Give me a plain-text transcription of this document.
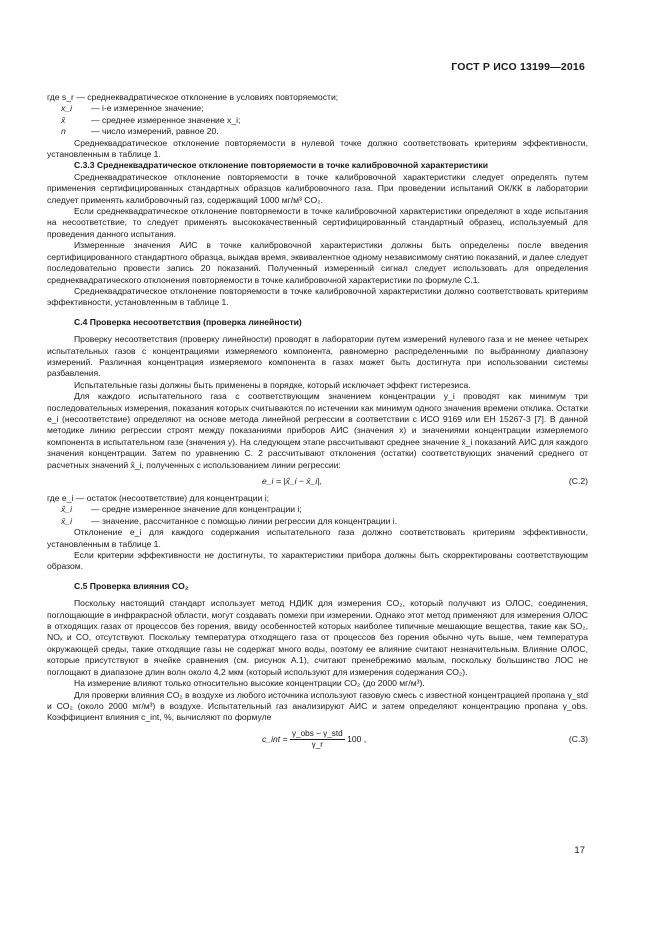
ГОСТ Р ИСО 13199—2016

где s_r — среднеквадратическое отклонение в условиях повторяемости;

x_i	— i-е измеренное значение;
x̄	— среднее измеренное значение x_i;
n	— число измерений, равное 20.

Среднеквадратическое отклонение повторяемости в нулевой точке должно соответствовать критериям эффективности, установленным в таблице 1.

С.3.3 Среднеквадратическое отклонение повторяемости в точке калибровочной характеристики

Среднеквадратическое отклонение повторяемости в точке калибровочной характеристики следует определять путем применения сертифицированных стандартных образцов калибровочного газа. При проведении испытаний ОК/КК в лаборатории следует применять калибровочный газ, содержащий 1000 мг/м³ CO₂.

Если среднеквадратическое отклонение повторяемости в точке калибровочной характеристики определяют в ходе испытания на несоответствие, то следует применять высококачественный сертифицированный стандартный образец, используемый для проведения данного испытания.

Измеренные значения АИС в точке калибровочной характеристики должны быть определены после введения сертифицированного стандартного образца, выждав время, эквивалентное одному независимому снятию показаний, и далее следует последовательно провести запись 20 показаний. Полученный измеренный сигнал следует использовать для определения среднеквадратического отклонения повторяемости в точке калибровочной характеристики по формуле С.1.

Среднеквадратическое отклонение повторяемости в точке калибровочной характеристики должно соответствовать критериям эффективности, установленным в таблице 1.

С.4 Проверка несоответствия (проверка линейности)

Проверку несоответствия (проверку линейности) проводят в лаборатории путем измерений нулевого газа и не менее четырех испытательных газов с концентрациями измеряемого компонента, равномерно распределенными по выбранному диапазону измерений. Различная концентрация измеряемого компонента в газах может быть достигнута при использовании системы разбавления.

Испытательные газы должны быть применены в порядке, который исключает эффект гистерезиса.

Для каждого испытательного газа с соответствующим значением концентрации y_i проводят как минимум три последовательных измерения, показания которых считываются по истечении как минимум одного значения времени отклика. Остатки e_i (несоответствие) определяют на основе метода линейной регрессии в соответствии с ИСО 9169 или ЕН 15267-3 [7]. В данной методике линию регрессии строят между показаниями приборов АИС (значения x) и значениями концентрации измеряемого компонента в испытательном газе (значения y). На следующем этапе рассчитывают среднее значение x̄_i показаний АИС для каждого значения концентрации. Затем по уравнению С. 2 рассчитывают отклонения (остатки) соответствующих значений среднего от расчетных значений x̂_i, полученных с использованием линии регрессии:

e_i = |x̂_i − x̄_i|,	(С.2)

где e_i — остаток (несоответствие) для концентрации i;

x̂_i	— средне измеренное значение для концентрации i;
x̄_i	— значение, рассчитанное с помощью линии регрессии для концентрации i.

Отклонение e_i для каждого содержания испытательного газа должно соответствовать критериям эффективности, установленным в таблице 1.

Если критерии эффективности не достигнуты, то характеристики прибора должны быть скорректированы соответствующим образом.

С.5 Проверка влияния CO₂

Поскольку настоящий стандарт использует метод НДИК для измерения CO₂, который получают из ОЛОС, соединения, поглощающие в инфракрасной области, могут создавать помехи при измерении. Однако этот метод применяют для измерения ОЛОС в отходящих газах от процессов без горения, ввиду особенностей которых наиболее типичные мешающие вещества, такие как SO₂, NOₓ и CO, отсутствуют. Поскольку температура отходящего газа от процессов без горения обычно чуть выше, чем температура окружающей среды, такие отходящие газы не содержат много воды, поэтому ее влияние считают незначительным. Влияние ОЛОС, которые присутствуют в ячейке сравнения (см. рисунок А.1), считают пренебрежимо малым, поскольку большинство ЛОС не поглощают в диапазоне длин волн около 4,2 мкм (который используют для измерения содержания CO₂).

На измерение влияют только относительно высокие концентрации CO₂ (до 2000 мг/м³).

Для проверки влияния CO₂ в воздухе из любого источника используют газовую смесь с известной концентрацией пропана γ_std и CO₂ (около 2000 мг/м³) в воздухе. Испытательный газ анализируют АИС и затем определяют концентрацию пропана γ_obs. Коэффициент влияния c_int, %, вычисляют по формуле

c_int = $\frac{\text{γ\_obs − γ\_std}}{\gamma\_r} 100$ ,	(С.3)
17
